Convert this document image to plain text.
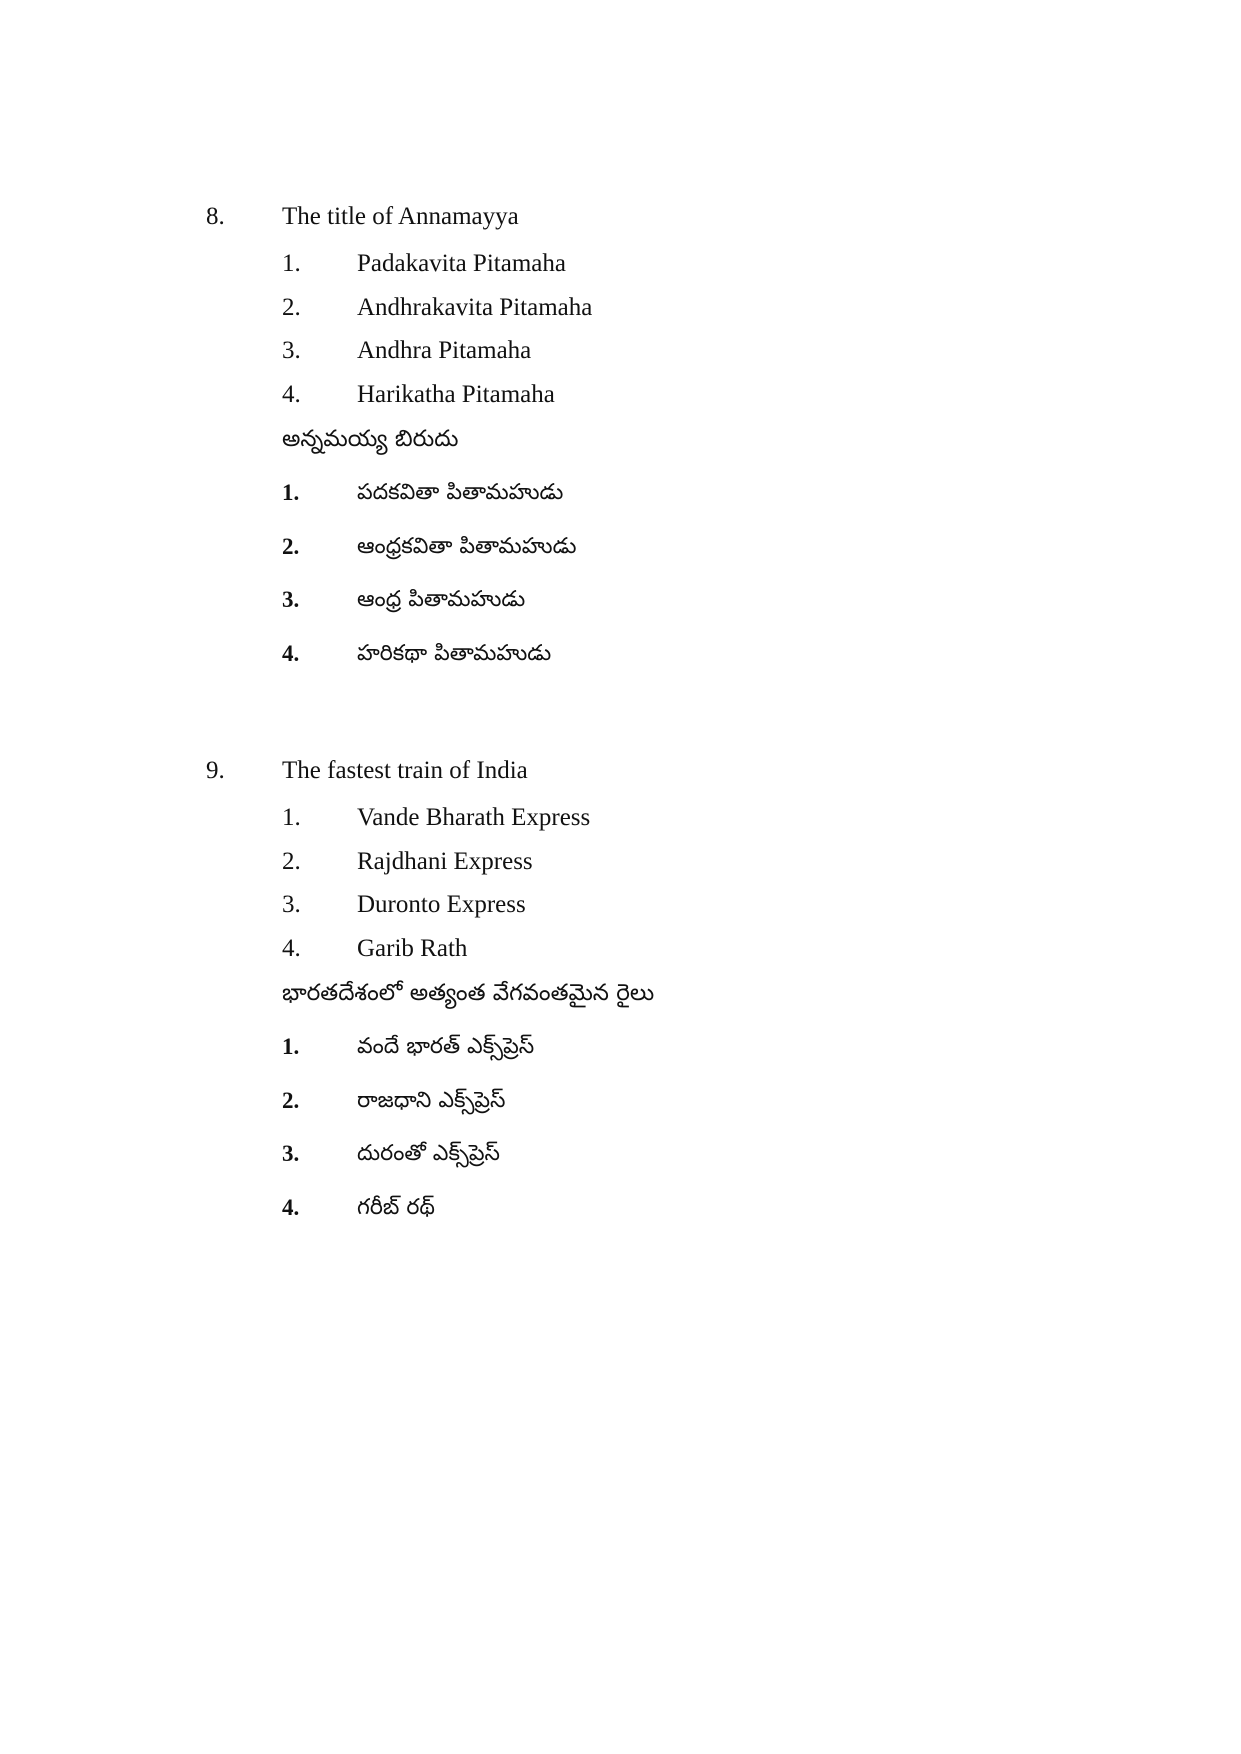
8. The title of Annamayya
1. Padakavita Pitamaha
2. Andhrakavita Pitamaha
3. Andhra Pitamaha
4. Harikatha Pitamaha
అన్నమయ్య బిరుదు
1.	పదకవితా పితామహుడు
2.	ఆంధ్రకవితా పితామహుడు
3.	ఆంధ్ర పితామహుడు
4.	హరికథా పితామహుడు
9. The fastest train of India
1. Vande Bharath Express
2. Rajdhani Express
3. Duronto Express
4. Garib Rath
భారతదేశంలో అత్యంత వేగవంతమైన రైలు
1.	వందే భారత్ ఎక్స్‌ప్రెస్
2.	రాజధాని ఎక్స్‌ప్రెస్
3.	దురంతో ఎక్స్‌ప్రెస్
4.	గరీబ్ రథ్
